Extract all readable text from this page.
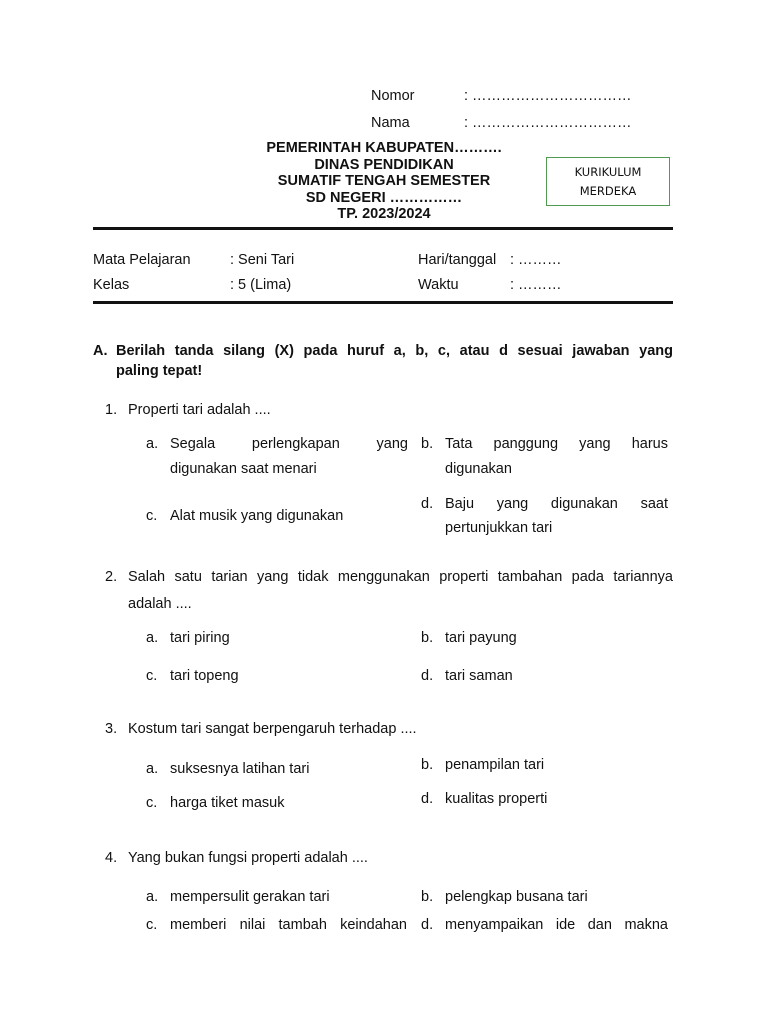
Nomor	: ……………………………
Nama	: ……………………………
PEMERINTAH KABUPATEN……….
DINAS PENDIDIKAN
SUMATIF TENGAH SEMESTER
SD NEGERI ……………
TP. 2023/2024
KURIKULUM
MERDEKA
Mata Pelajaran	: Seni Tari	Hari/tanggal : ………
Kelas	: 5 (Lima)	Waktu	: ………
A. Berilah tanda silang (X) pada huruf a, b, c, atau d sesuai jawaban yang
paling tepat!
1. Properti tari adalah ....
a. Segala perlengkapan yang
digunakan saat menari
b. Tata panggung yang harus
digunakan
c. Alat musik yang digunakan
d. Baju yang digunakan saat
pertunjukkan tari
2. Salah satu tarian yang tidak menggunakan properti tambahan pada tariannya
adalah ....
a. tari piring	b. tari payung
c. tari topeng	d. tari saman
3. Kostum tari sangat berpengaruh terhadap ....
a. suksesnya latihan tari	b. penampilan tari
c. harga tiket masuk	d. kualitas properti
4. Yang bukan fungsi properti adalah ....
a. mempersulit gerakan tari	b. pelengkap busana tari
c. memberi nilai tambah keindahan d. menyampaikan ide dan makna
